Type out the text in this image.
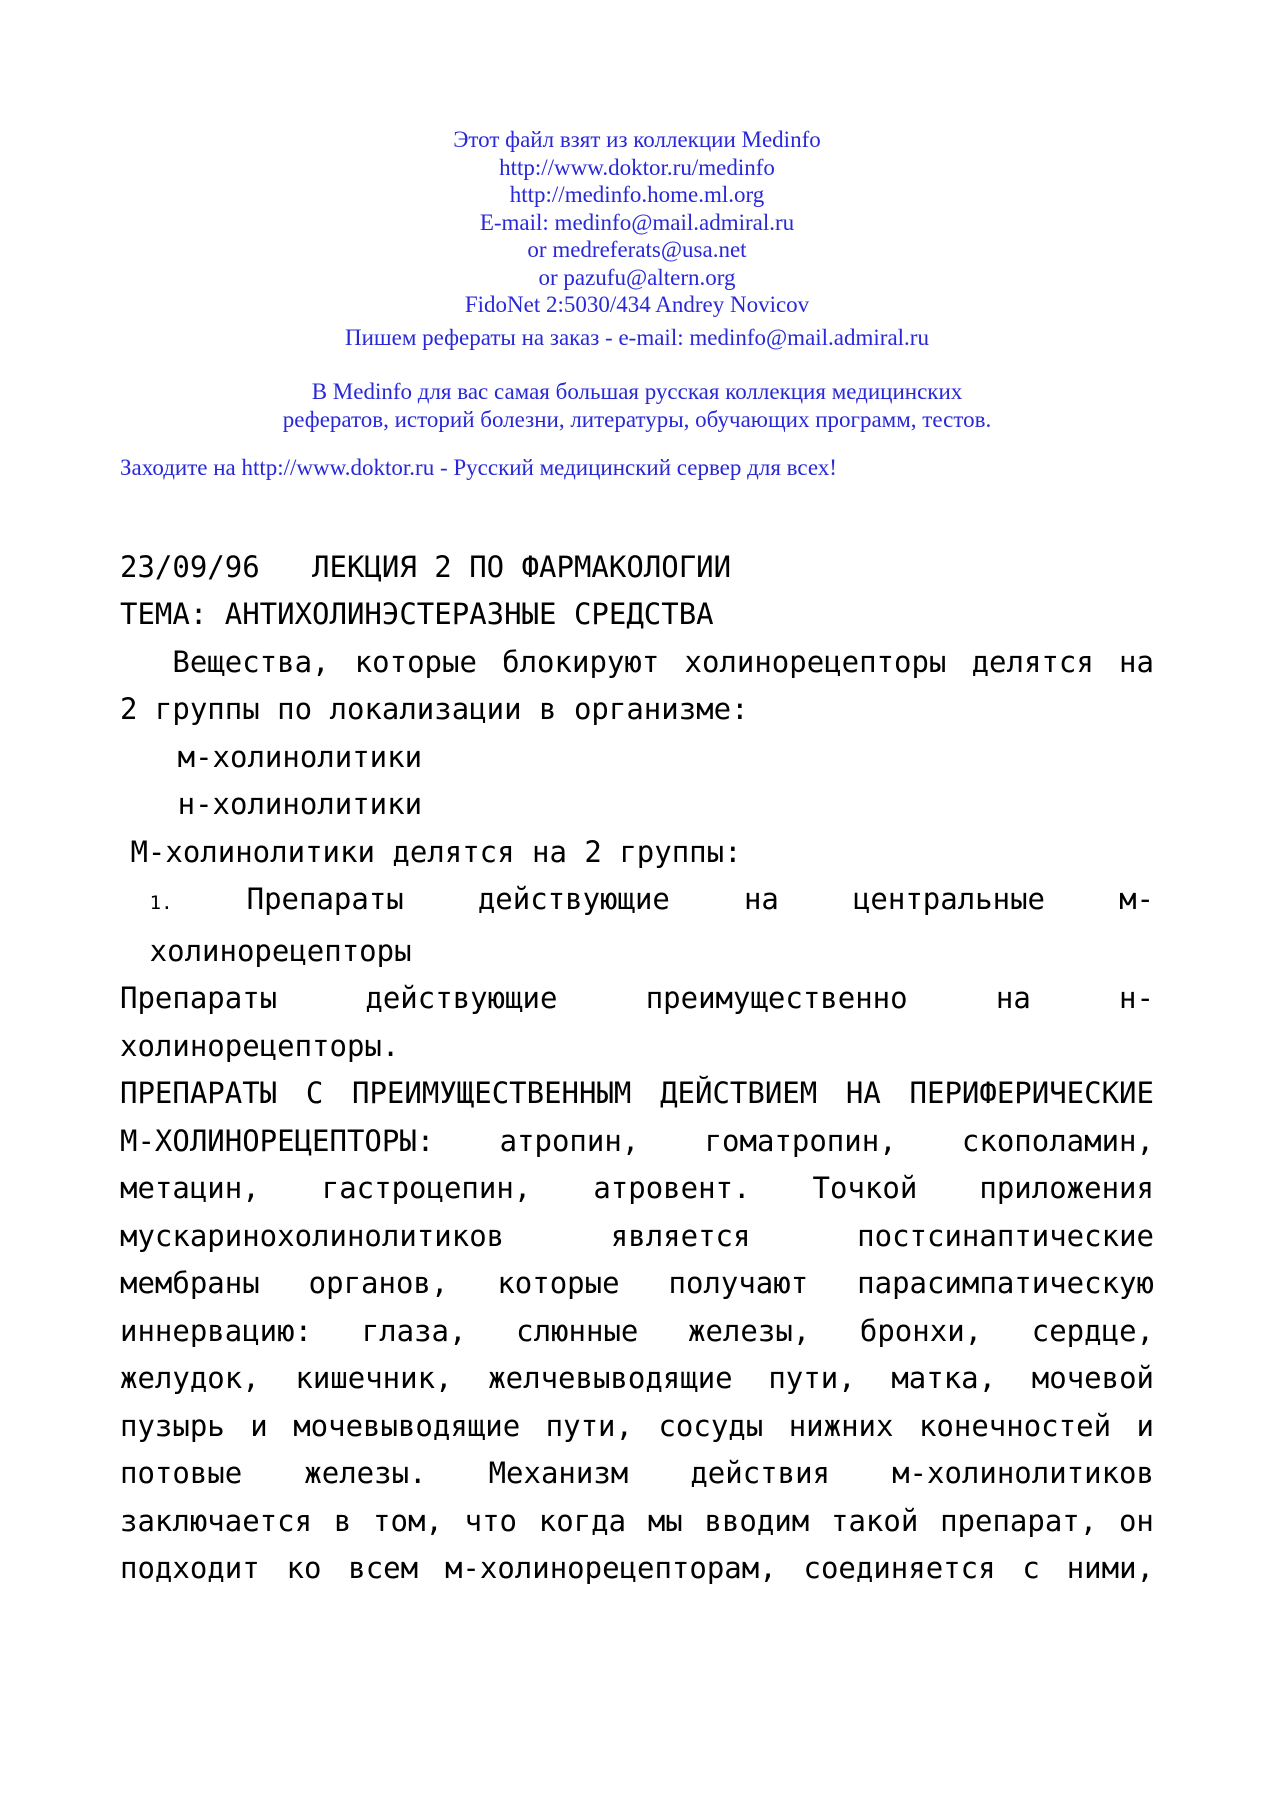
Этот файл взят из коллекции Medinfo
http://www.doktor.ru/medinfo
http://medinfo.home.ml.org
E-mail: medinfo@mail.admiral.ru
or medreferats@usa.net
or pazufu@altern.org
FidoNet 2:5030/434 Andrey Novicov
Пишем рефераты на заказ - e-mail: medinfo@mail.admiral.ru
В Medinfo для вас самая большая русская коллекция медицинских
рефератов, историй болезни, литературы, обучающих программ, тестов.
Заходите на http://www.doktor.ru - Русский медицинский сервер для всех!
23/09/96   ЛЕКЦИЯ 2 ПО ФАРМАКОЛОГИИ
ТЕМА: АНТИХОЛИНЭСТЕРАЗНЫЕ СРЕДСТВА
Вещества, которые блокируют холинорецепторы делятся на
2 группы по локализации в организме:
м-холинолитики
н-холинолитики
М-холинолитики делятся на 2 группы:
1.	Препараты	действующие	на	центральные	м-
холинорецепторы
Препараты	действующие	преимущественно	на	н-
холинорецепторы.
ПРЕПАРАТЫ С ПРЕИМУЩЕСТВЕННЫМ ДЕЙСТВИЕМ НА ПЕРИФЕРИЧЕСКИЕ
М-ХОЛИНОРЕЦЕПТОРЫ: атропин, гоматропин, скополамин,
метацин, гастроцепин, атровент. Точкой приложения
мускаринохолинолитиков	является	постсинаптические
мембраны органов, которые получают парасимпатическую
иннервацию: глаза, слюнные железы, бронхи, сердце,
желудок, кишечник, желчевыводящие пути, матка, мочевой
пузырь и мочевыводящие пути, сосуды нижних конечностей и
потовые железы. Механизм действия м-холинолитиков
заключается в том, что когда мы вводим такой препарат, он
подходит ко всем м-холинорецепторам, соединяется с ними,
